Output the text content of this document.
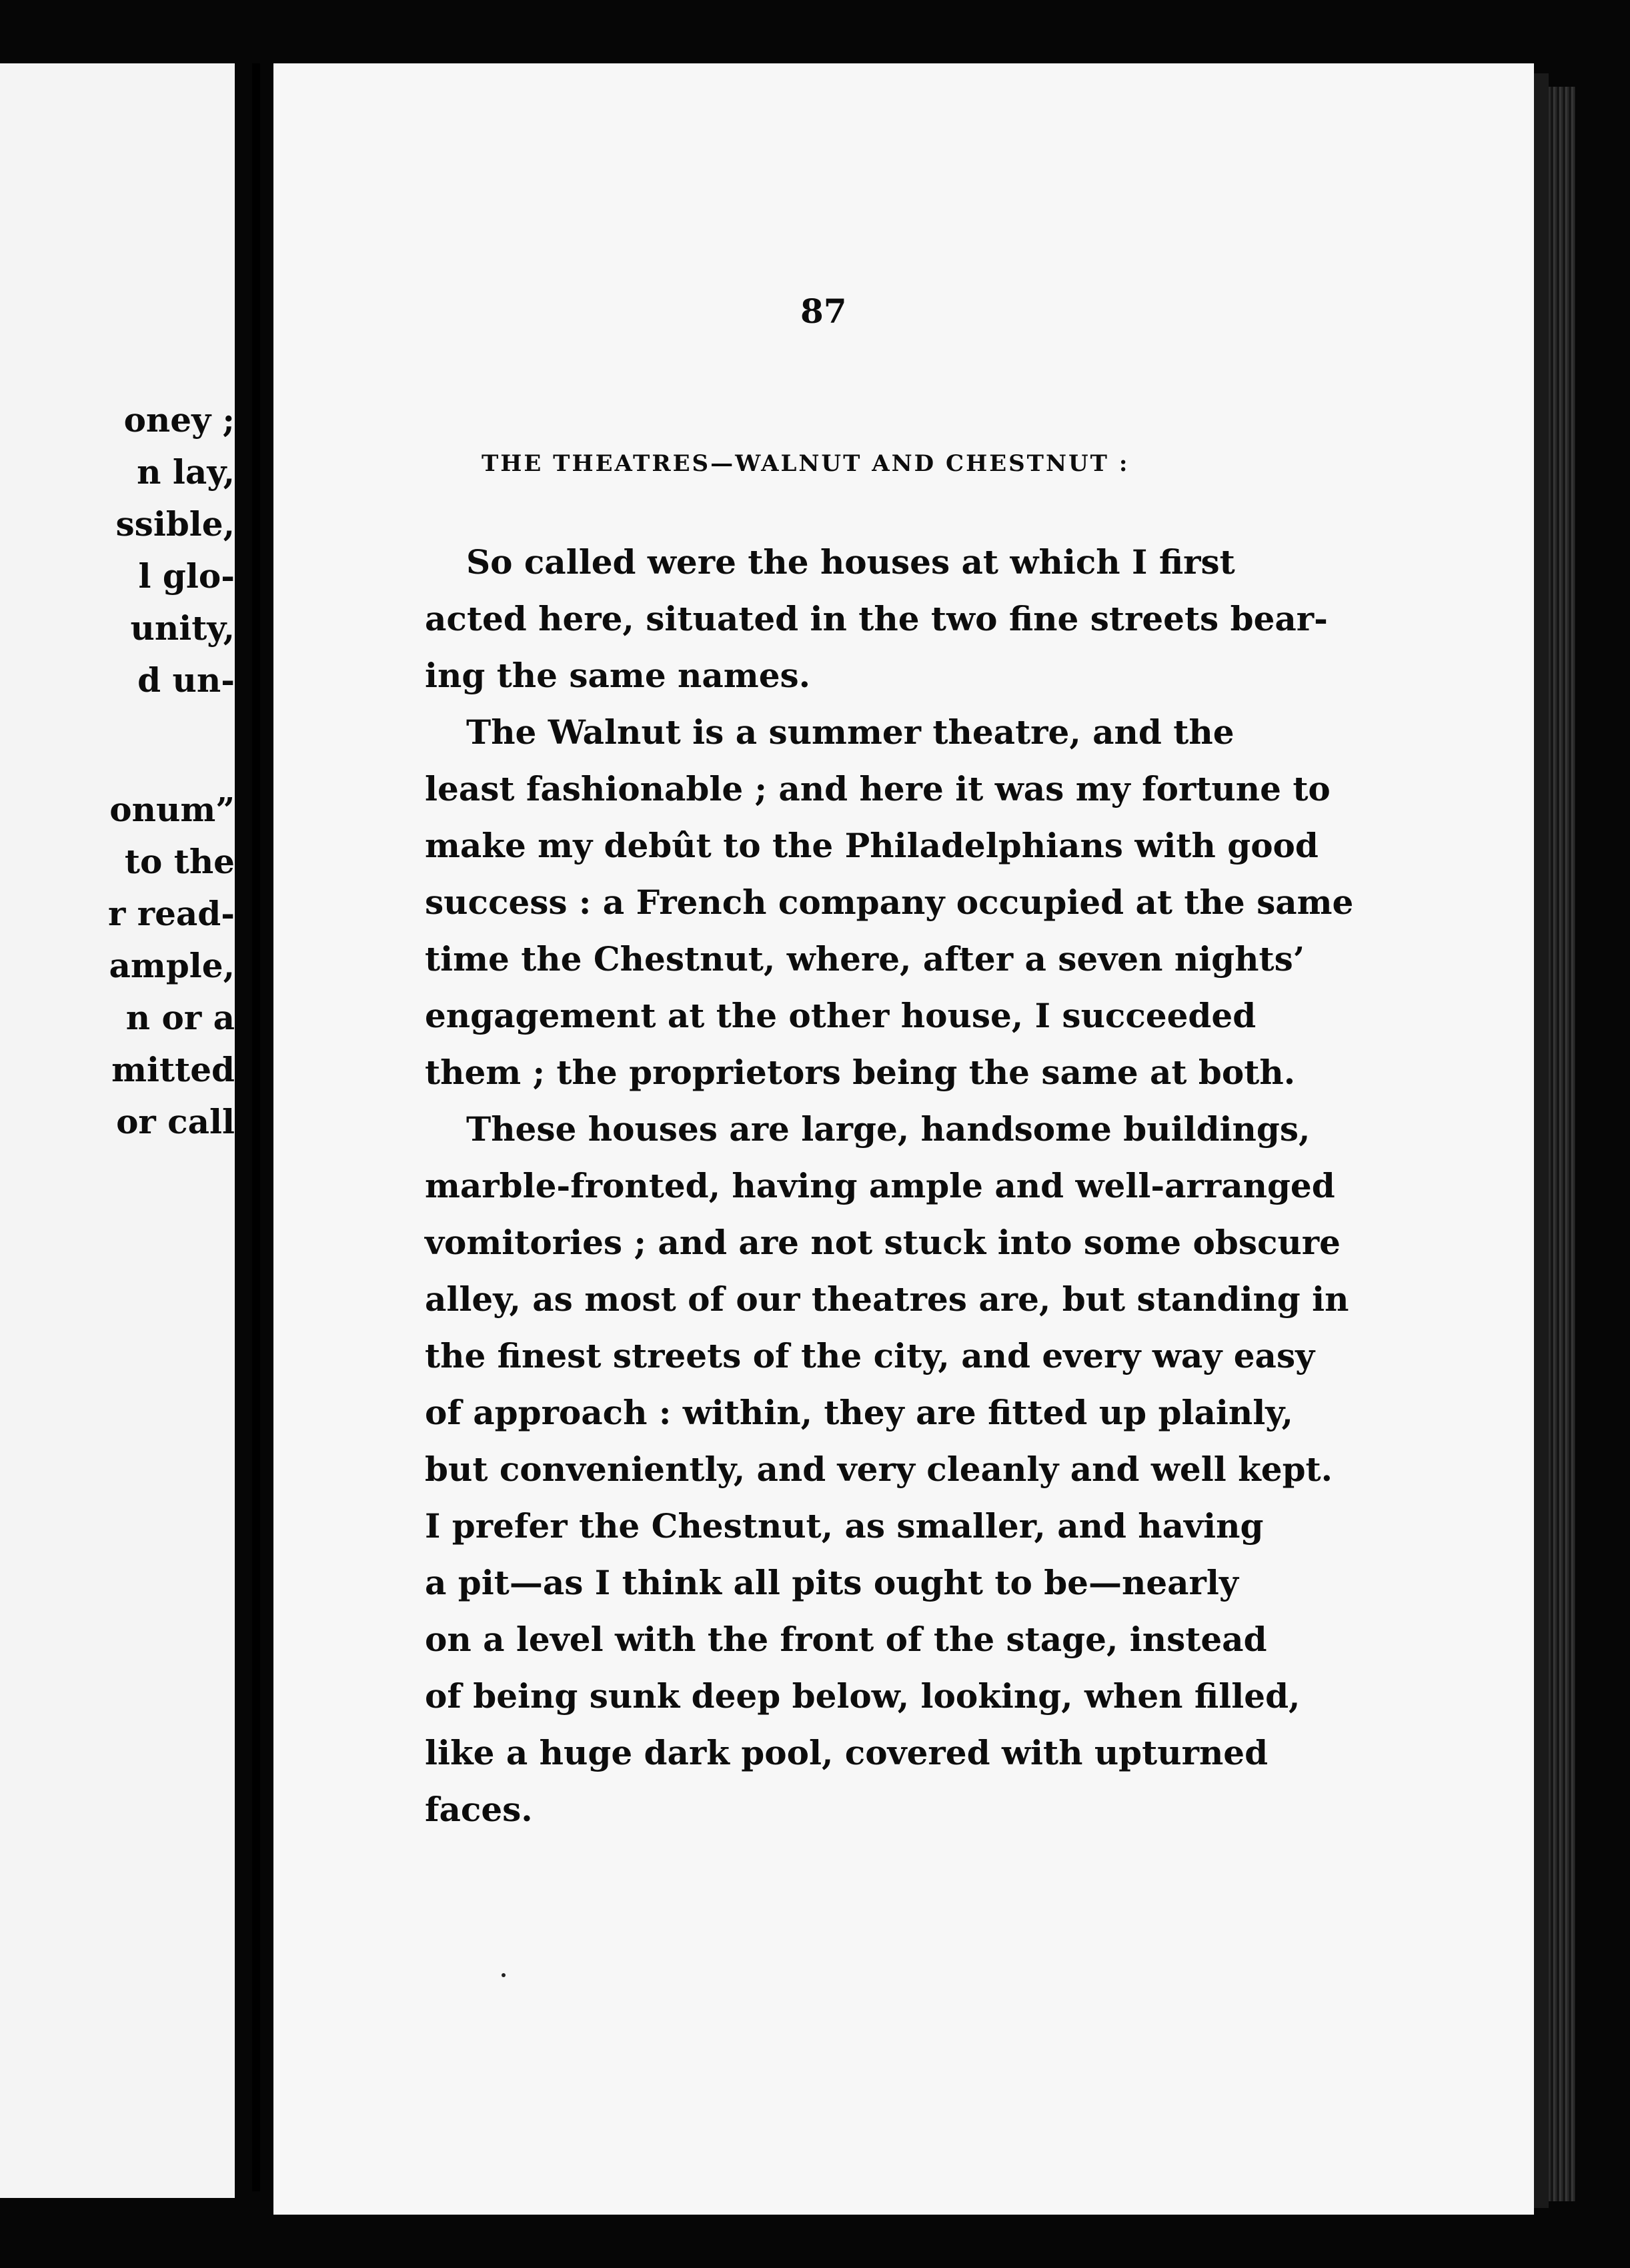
oney ;
n lay,
ssible,
l glo-
unity,
d un-
onum”
to the
r read-
ample,
n or a
mitted
or call
87
THE THEATRES—WALNUT AND CHESTNUT :
So called were the houses at which I first
acted here, situated in the two fine streets bear-
ing the same names.
The Walnut is a summer theatre, and the
least fashionable ; and here it was my fortune to
make my debût to the Philadelphians with good
success : a French company occupied at the same
time the Chestnut, where, after a seven nights’
engagement at the other house, I succeeded
them ; the proprietors being the same at both.
These houses are large, handsome buildings,
marble-fronted, having ample and well-arranged
vomitories ; and are not stuck into some obscure
alley, as most of our theatres are, but standing in
the finest streets of the city, and every way easy
of approach : within, they are fitted up plainly,
but conveniently, and very cleanly and well kept.
I prefer the Chestnut, as smaller, and having
a pit—as I think all pits ought to be—nearly
on a level with the front of the stage, instead
of being sunk deep below, looking, when filled,
like a huge dark pool, covered with upturned
faces.
